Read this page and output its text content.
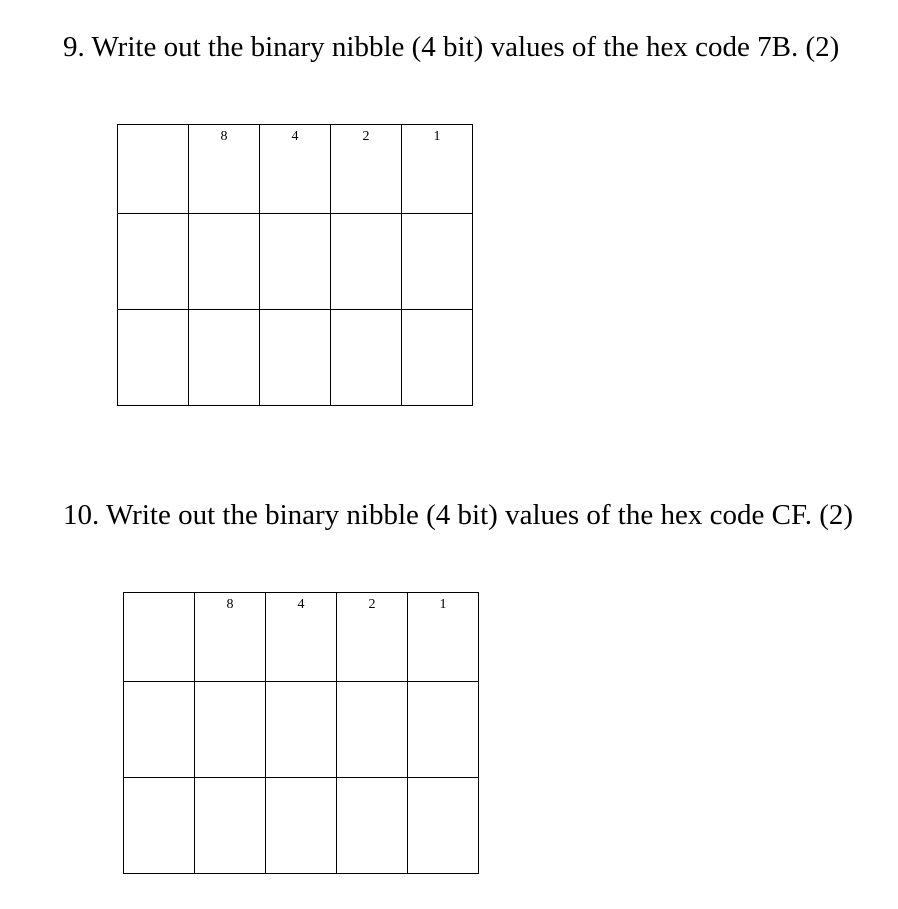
9. Write out the binary nibble (4 bit) values of the hex code 7B. (2)

	8	4	2	1

10. Write out the binary nibble (4 bit) values of the hex code CF. (2)

	8	4	2	1
